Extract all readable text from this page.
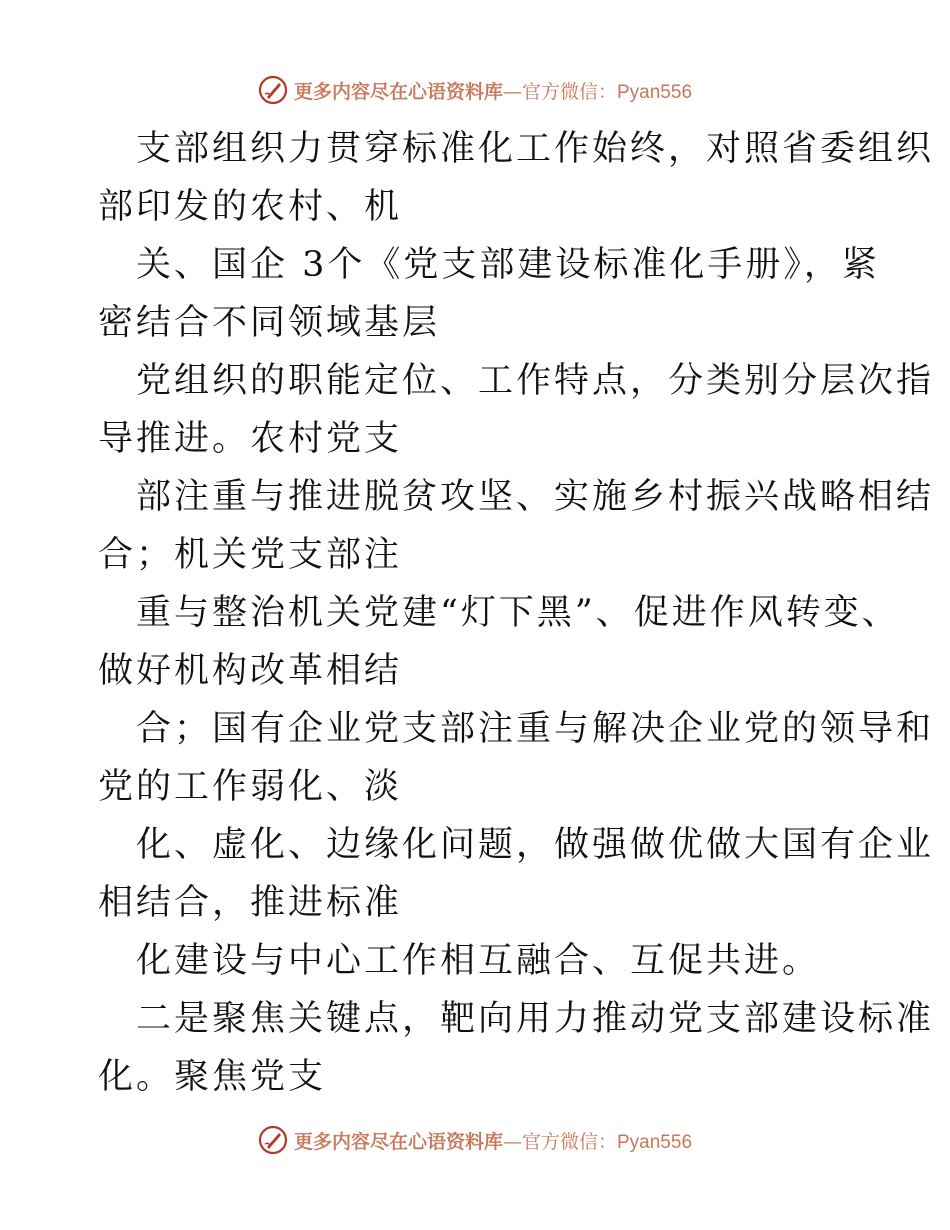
更多内容尽在心语资料库—官方微信：Pyan556
支部组织力贯穿标准化工作始终，对照省委组织
部印发的农村、机
关、国企 3个《党支部建设标准化手册》，紧
密结合不同领域基层
党组织的职能定位、工作特点，分类别分层次指
导推进。农村党支
部注重与推进脱贫攻坚、实施乡村振兴战略相结
合；机关党支部注
重与整治机关党建“灯下黑”、促进作风转变、
做好机构改革相结
合；国有企业党支部注重与解决企业党的领导和
党的工作弱化、淡
化、虚化、边缘化问题，做强做优做大国有企业
相结合，推进标准
化建设与中心工作相互融合、互促共进。
二是聚焦关键点，靶向用力推动党支部建设标准
化。聚焦党支
更多内容尽在心语资料库—官方微信：Pyan556
